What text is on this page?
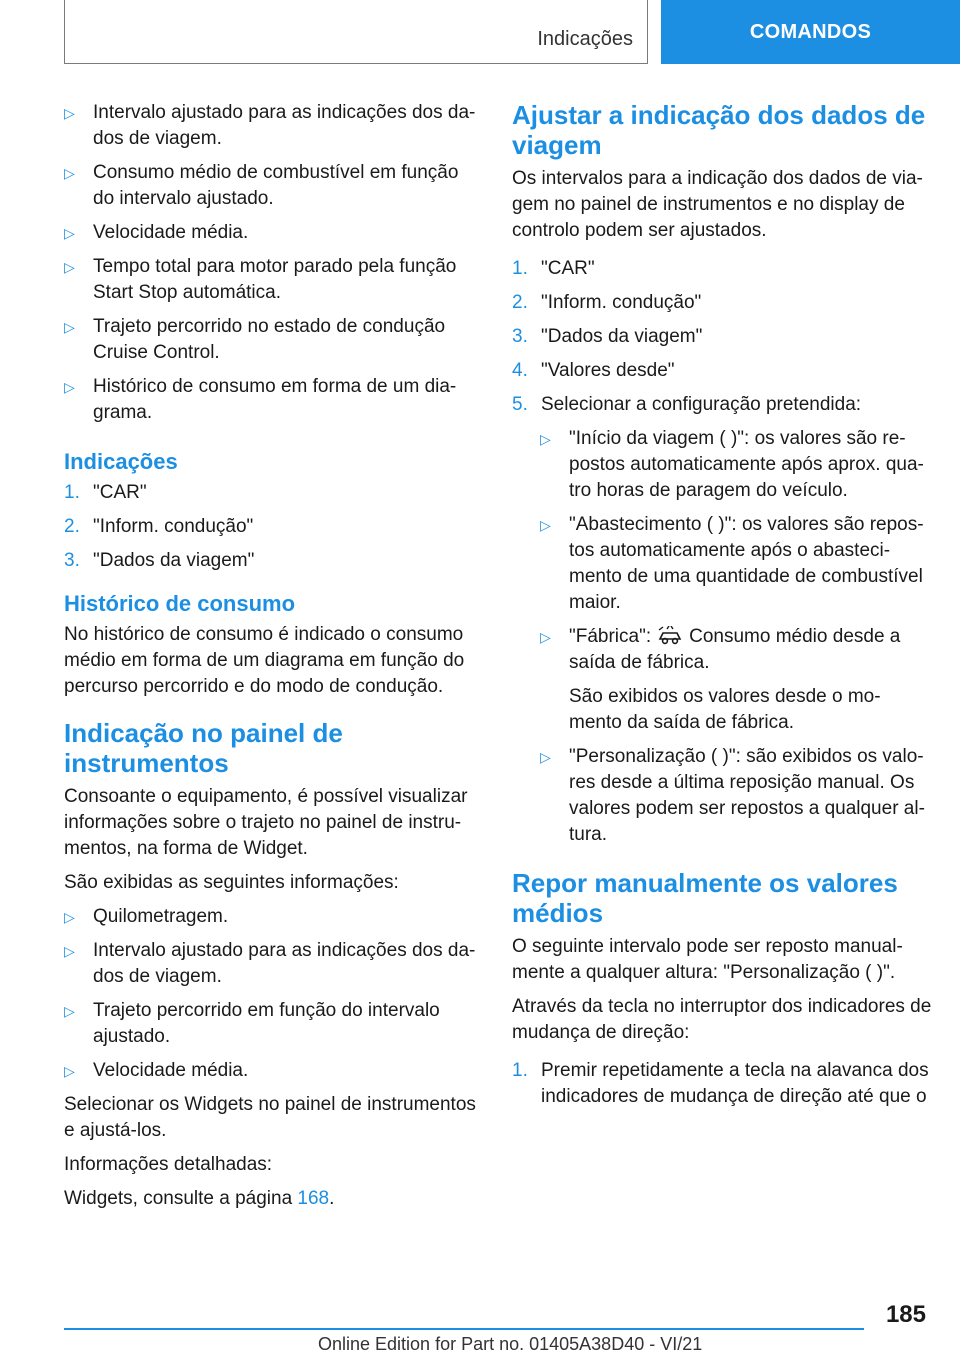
Indicações	COMANDOS
▷ Intervalo ajustado para as indicações dos da-dos de viagem.
▷ Consumo médio de combustível em função do intervalo ajustado.
▷ Velocidade média.
▷ Tempo total para motor parado pela função Start Stop automática.
▷ Trajeto percorrido no estado de condução Cruise Control.
▷ Histórico de consumo em forma de um dia-grama.
Indicações
1. "CAR"
2. "Inform. condução"
3. "Dados da viagem"
Histórico de consumo

No histórico de consumo é indicado o consumo médio em forma de um diagrama em função do percurso percorrido e do modo de condução.

Indicação no painel de instrumentos

Consoante o equipamento, é possível visualizar informações sobre o trajeto no painel de instru-mentos, na forma de Widget.

São exibidas as seguintes informações:

▷ Quilometragem.
▷ Intervalo ajustado para as indicações dos da-dos de viagem.
▷ Trajeto percorrido em função do intervalo ajustado.
▷ Velocidade média.

Selecionar os Widgets no painel de instrumentos e ajustá-los.

Informações detalhadas:

Widgets, consulte a página 168.

Ajustar a indicação dos dados de viagem

Os intervalos para a indicação dos dados de via-gem no painel de instrumentos e no display de controlo podem ser ajustados.

1. "CAR"
2. "Inform. condução"
3. "Dados da viagem"
4. "Valores desde"
5. Selecionar a configuração pretendida:
▷ "Início da viagem ( )": os valores são re-postos automaticamente após aprox. qua-tro horas de paragem do veículo.
▷ "Abastecimento ( )": os valores são repos-tos automaticamente após o abasteci-mento de uma quantidade de combustível maior.
▷ "Fábrica": Consumo médio desde a saída de fábrica.

São exibidos os valores desde o mo-mento da saída de fábrica.

▷ "Personalização ( )": são exibidos os valo-res desde a última reposição manual. Os valores podem ser repostos a qualquer al-tura.
Repor manualmente os valores médios

O seguinte intervalo pode ser reposto manual-mente a qualquer altura: "Personalização ( )".

Através da tecla no interruptor dos indicadores de mudança de direção:

1. Premir repetidamente a tecla na alavanca dos indicadores de mudança de direção até que o
185
Online Edition for Part no. 01405A38D40 - VI/21
